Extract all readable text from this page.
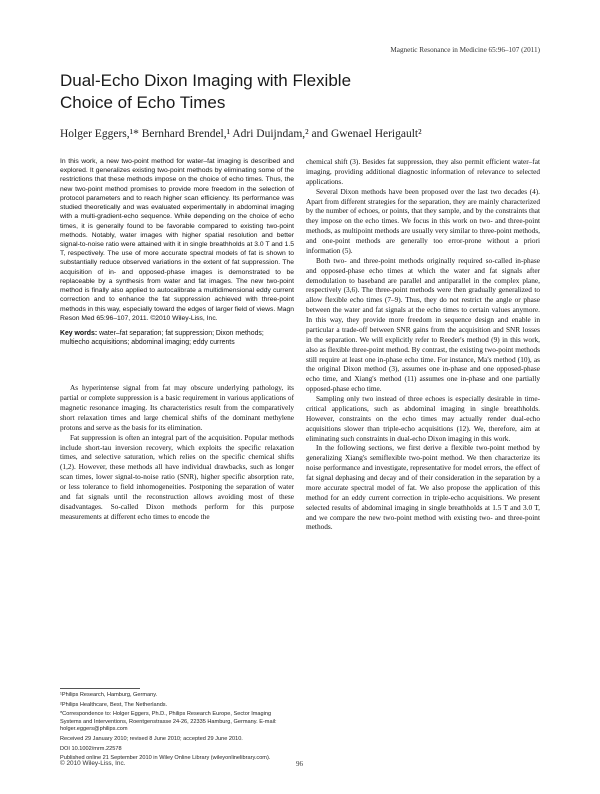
Magnetic Resonance in Medicine 65:96–107 (2011)
Dual-Echo Dixon Imaging with Flexible
Choice of Echo Times
Holger Eggers,¹* Bernhard Brendel,¹ Adri Duijndam,² and Gwenael Herigault²

In this work, a new two-point method for water–fat imaging is described and explored. It generalizes existing two-point methods by eliminating some of the restrictions that these methods impose on the choice of echo times. Thus, the new two-point method promises to provide more freedom in the selection of protocol parameters and to reach higher scan efficiency. Its performance was studied theoretically and was evaluated experimentally in abdominal imaging with a multi-gradient-echo sequence. While depending on the choice of echo times, it is generally found to be favorable compared to existing two-point methods. Notably, water images with higher spatial resolution and better signal-to-noise ratio were attained with it in single breathholds at 3.0 T and 1.5 T, respectively. The use of more accurate spectral models of fat is shown to substantially reduce observed variations in the extent of fat suppression. The acquisition of in- and opposed-phase images is demonstrated to be replaceable by a synthesis from water and fat images. The new two-point method is finally also applied to autocalibrate a multidimensional eddy current correction and to enhance the fat suppression achieved with three-point methods in this way, especially toward the edges of larger field of views. Magn Reson Med 65:96–107, 2011. ©2010 Wiley-Liss, Inc.

Key words: water–fat separation; fat suppression; Dixon methods; multiecho acquisitions; abdominal imaging; eddy currents

As hyperintense signal from fat may obscure underlying pathology, its partial or complete suppression is a basic requirement in various applications of magnetic resonance imaging. Its characteristics result from the comparatively short relaxation times and large chemical shifts of the dominant methylene protons and serve as the basis for its elimination.

Fat suppression is often an integral part of the acquisition. Popular methods include short-tau inversion recovery, which exploits the specific relaxation times, and selective saturation, which relies on the specific chemical shifts (1,2). However, these methods all have individual drawbacks, such as longer scan times, lower signal-to-noise ratio (SNR), higher specific absorption rate, or less tolerance to field inhomogeneities. Postponing the separation of water and fat signals until the reconstruction allows avoiding most of these disadvantages. So-called Dixon methods perform for this purpose measurements at different echo times to encode the

chemical shift (3). Besides fat suppression, they also permit efficient water–fat imaging, providing additional diagnostic information of relevance to selected applications.

Several Dixon methods have been proposed over the last two decades (4). Apart from different strategies for the separation, they are mainly characterized by the number of echoes, or points, that they sample, and by the constraints that they impose on the echo times. We focus in this work on two- and three-point methods, as multipoint methods are usually very similar to three-point methods, and one-point methods are generally too error-prone without a priori information (5).

Both two- and three-point methods originally required so-called in-phase and opposed-phase echo times at which the water and fat signals after demodulation to baseband are parallel and antiparallel in the complex plane, respectively (3,6). The three-point methods were then gradually generalized to allow flexible echo times (7–9). Thus, they do not restrict the angle or phase between the water and fat signals at the echo times to certain values anymore. In this way, they provide more freedom in sequence design and enable in particular a trade-off between SNR gains from the acquisition and SNR losses in the separation. We will explicitly refer to Reeder's method (9) in this work, also as flexible three-point method. By contrast, the existing two-point methods still require at least one in-phase echo time. For instance, Ma's method (10), as the original Dixon method (3), assumes one in-phase and one opposed-phase echo time, and Xiang's method (11) assumes one in-phase and one partially opposed-phase echo time.

Sampling only two instead of three echoes is especially desirable in time-critical applications, such as abdominal imaging in single breathholds. However, constraints on the echo times may actually render dual-echo acquisitions slower than triple-echo acquisitions (12). We, therefore, aim at eliminating such constraints in dual-echo Dixon imaging in this work.

In the following sections, we first derive a flexible two-point method by generalizing Xiang's semiflexible two-point method. We then characterize its noise performance and investigate, representative for model errors, the effect of fat signal dephasing and decay and of their consideration in the separation by a more accurate spectral model of fat. We also propose the application of this method for an eddy current correction in triple-echo acquisitions. We present selected results of abdominal imaging in single breathholds at 1.5 T and 3.0 T, and we compare the new two-point method with existing two- and three-point methods.

¹Philips Research, Hamburg, Germany.

²Philips Healthcare, Best, The Netherlands.

*Correspondence to: Holger Eggers, Ph.D., Philips Research Europe, Sector Imaging Systems and Interventions, Roentgenstrasse 24-26, 22335 Hamburg, Germany. E-mail: holger.eggers@philips.com

Received 29 January 2010; revised 8 June 2010; accepted 29 June 2010.

DOI 10.1002/mrm.22578

Published online 21 September 2010 in Wiley Online Library (wileyonlinelibrary.com).

© 2010 Wiley-Liss, Inc.	96
